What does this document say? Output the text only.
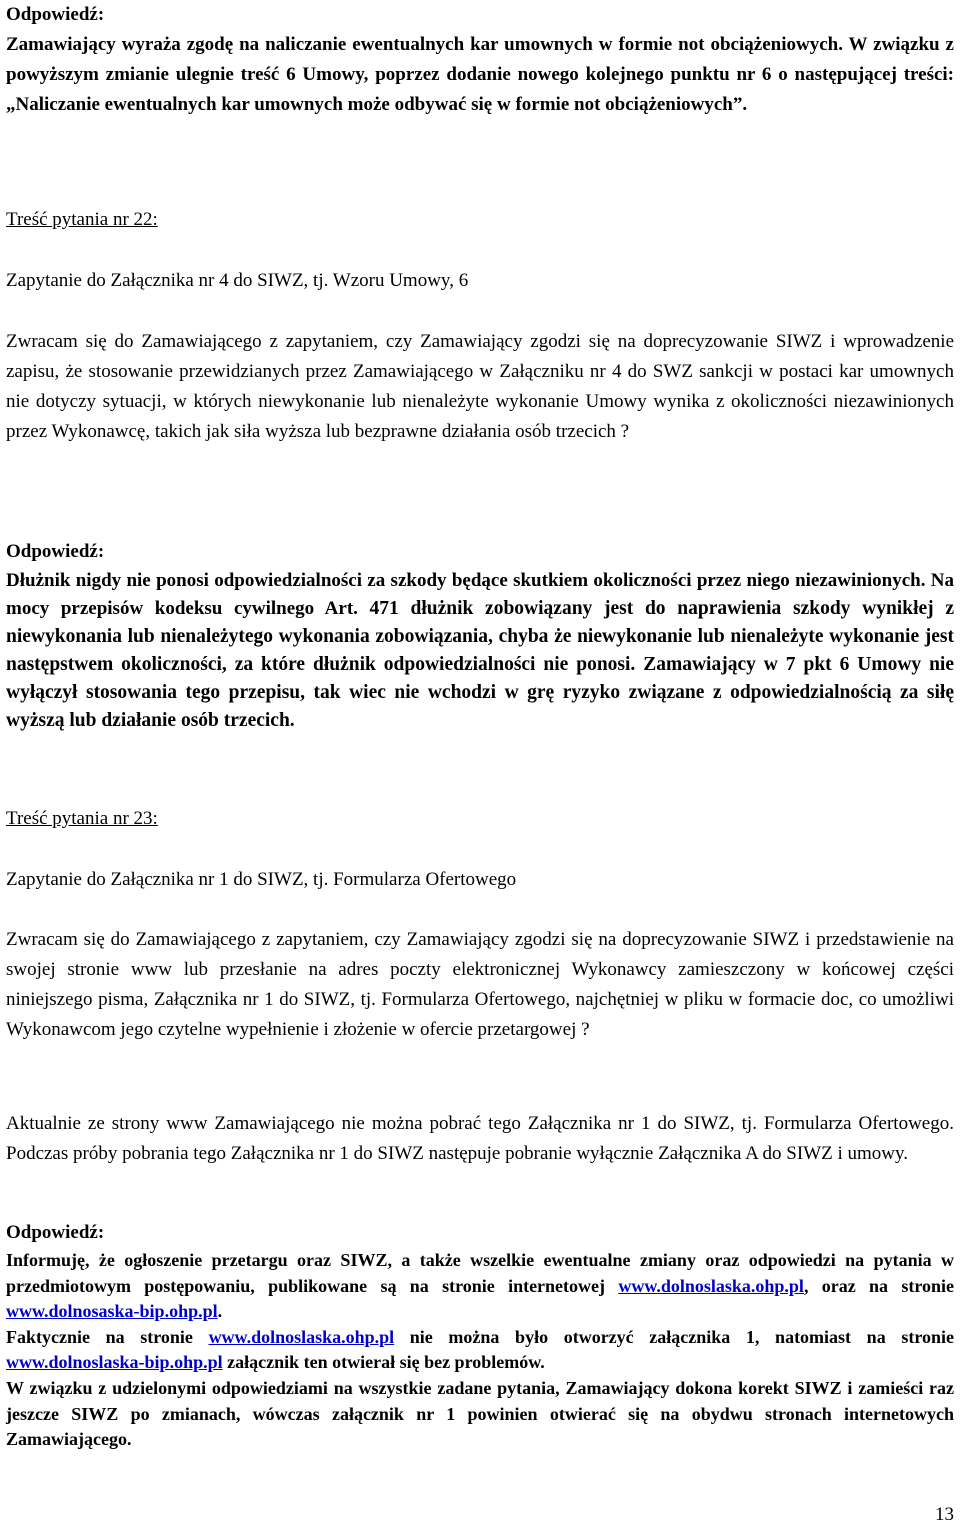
Odpowiedź:
Zamawiający wyraża zgodę na naliczanie ewentualnych kar umownych w formie not obciążeniowych. W związku z powyższym zmianie ulegnie treść 6 Umowy, poprzez dodanie nowego kolejnego punktu nr 6 o następującej treści: „Naliczanie ewentualnych kar umownych może odbywać się w formie not obciążeniowych”.
Treść pytania nr 22:
Zapytanie do Załącznika nr 4 do SIWZ, tj. Wzoru Umowy, 6
Zwracam się do Zamawiającego z zapytaniem, czy Zamawiający zgodzi się na doprecyzowanie SIWZ i wprowadzenie zapisu, że stosowanie przewidzianych przez Zamawiającego w Załączniku nr 4 do SWZ sankcji w postaci kar umownych nie dotyczy sytuacji, w których niewykonanie lub nienależyte wykonanie Umowy wynika z okoliczności niezawinionych przez Wykonawcę, takich jak siła wyższa lub bezprawne działania osób trzecich ?
Odpowiedź:
Dłużnik nigdy nie ponosi odpowiedzialności za szkody będące skutkiem okoliczności przez niego niezawinionych. Na mocy przepisów kodeksu cywilnego Art. 471 dłużnik zobowiązany jest do naprawienia szkody wynikłej z niewykonania lub nienależytego wykonania zobowiązania, chyba że niewykonanie lub nienależyte wykonanie jest następstwem okoliczności, za które dłużnik odpowiedzialności nie ponosi. Zamawiający w 7 pkt 6 Umowy nie wyłączył stosowania tego przepisu, tak wiec nie wchodzi w grę ryzyko związane z odpowiedzialnością za siłę wyższą lub działanie osób trzecich.
Treść pytania nr 23:
Zapytanie do Załącznika nr 1 do SIWZ, tj. Formularza Ofertowego
Zwracam się do Zamawiającego z zapytaniem, czy Zamawiający zgodzi się na doprecyzowanie SIWZ i przedstawienie na swojej stronie www lub przesłanie na adres poczty elektronicznej Wykonawcy zamieszczony w końcowej części niniejszego pisma, Załącznika nr 1 do SIWZ, tj. Formularza Ofertowego, najchętniej w pliku w formacie doc, co umożliwi Wykonawcom jego czytelne wypełnienie i złożenie w ofercie przetargowej ?
Aktualnie ze strony www Zamawiającego nie można pobrać tego Załącznika nr 1 do SIWZ, tj. Formularza Ofertowego. Podczas próby pobrania tego Załącznika nr 1 do SIWZ następuje pobranie wyłącznie Załącznika A do SIWZ i umowy.
Odpowiedź:
Informuję, że ogłoszenie przetargu oraz SIWZ, a także wszelkie ewentualne zmiany oraz odpowiedzi na pytania w przedmiotowym postępowaniu, publikowane są na stronie internetowej www.dolnoslaska.ohp.pl, oraz na stronie www.dolnosaska-bip.ohp.pl.
Faktycznie na stronie www.dolnoslaska.ohp.pl nie można było otworzyć załącznika 1, natomiast na stronie www.dolnoslaska-bip.ohp.pl załącznik ten otwierał się bez problemów.
W związku z udzielonymi odpowiedziami na wszystkie zadane pytania, Zamawiający dokona korekt SIWZ i zamieści raz jeszcze SIWZ po zmianach, wówczas załącznik nr 1 powinien otwierać się na obydwu stronach internetowych Zamawiającego.
13
